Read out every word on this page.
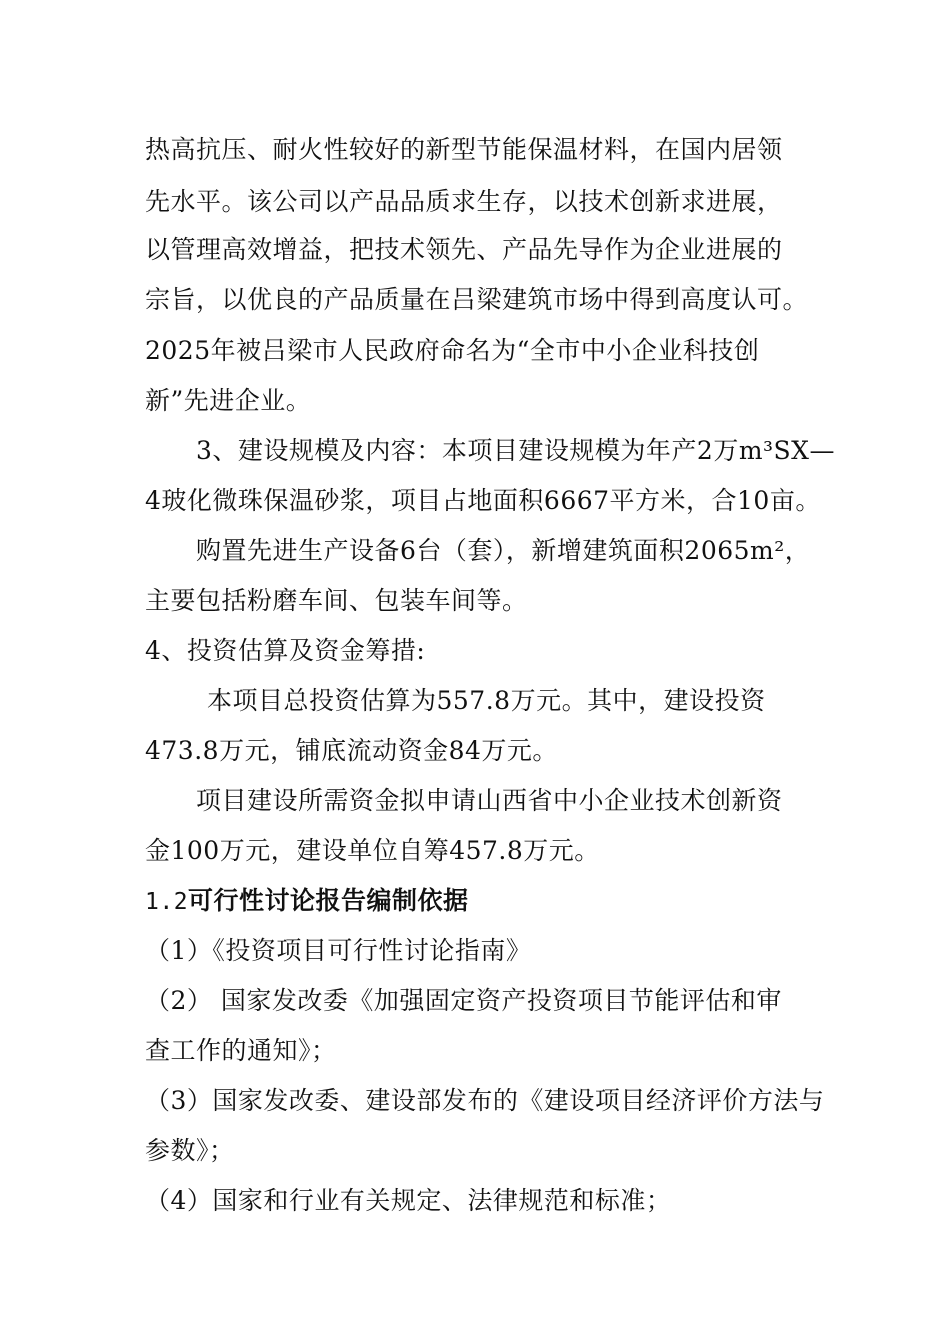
热高抗压、耐火性较好的新型节能保温材料，在国内居领
先水平。该公司以产品品质求生存，以技术创新求进展，
以管理高效增益，把技术领先、产品先导作为企业进展的
宗旨，以优良的产品质量在吕梁建筑市场中得到高度认可。
2025年被吕梁市人民政府命名为“全市中小企业科技创
新”先进企业。
3、建设规模及内容：本项目建设规模为年产2万m³SX—
4玻化微珠保温砂浆，项目占地面积6667平方米，合10亩。
购置先进生产设备6台（套），新增建筑面积2065m²，
主要包括粉磨车间、包装车间等。
4、投资估算及资金筹措:
本项目总投资估算为557.8万元。其中，建设投资
473.8万元，铺底流动资金84万元。
项目建设所需资金拟申请山西省中小企业技术创新资
金100万元，建设单位自筹457.8万元。
1.2可行性讨论报告编制依据
（1）《投资项目可行性讨论指南》
（2） 国家发改委《加强固定资产投资项目节能评估和审
查工作的通知》；
（3）国家发改委、建设部发布的《建设项目经济评价方法与
参数》；
（4）国家和行业有关规定、法律规范和标准；
